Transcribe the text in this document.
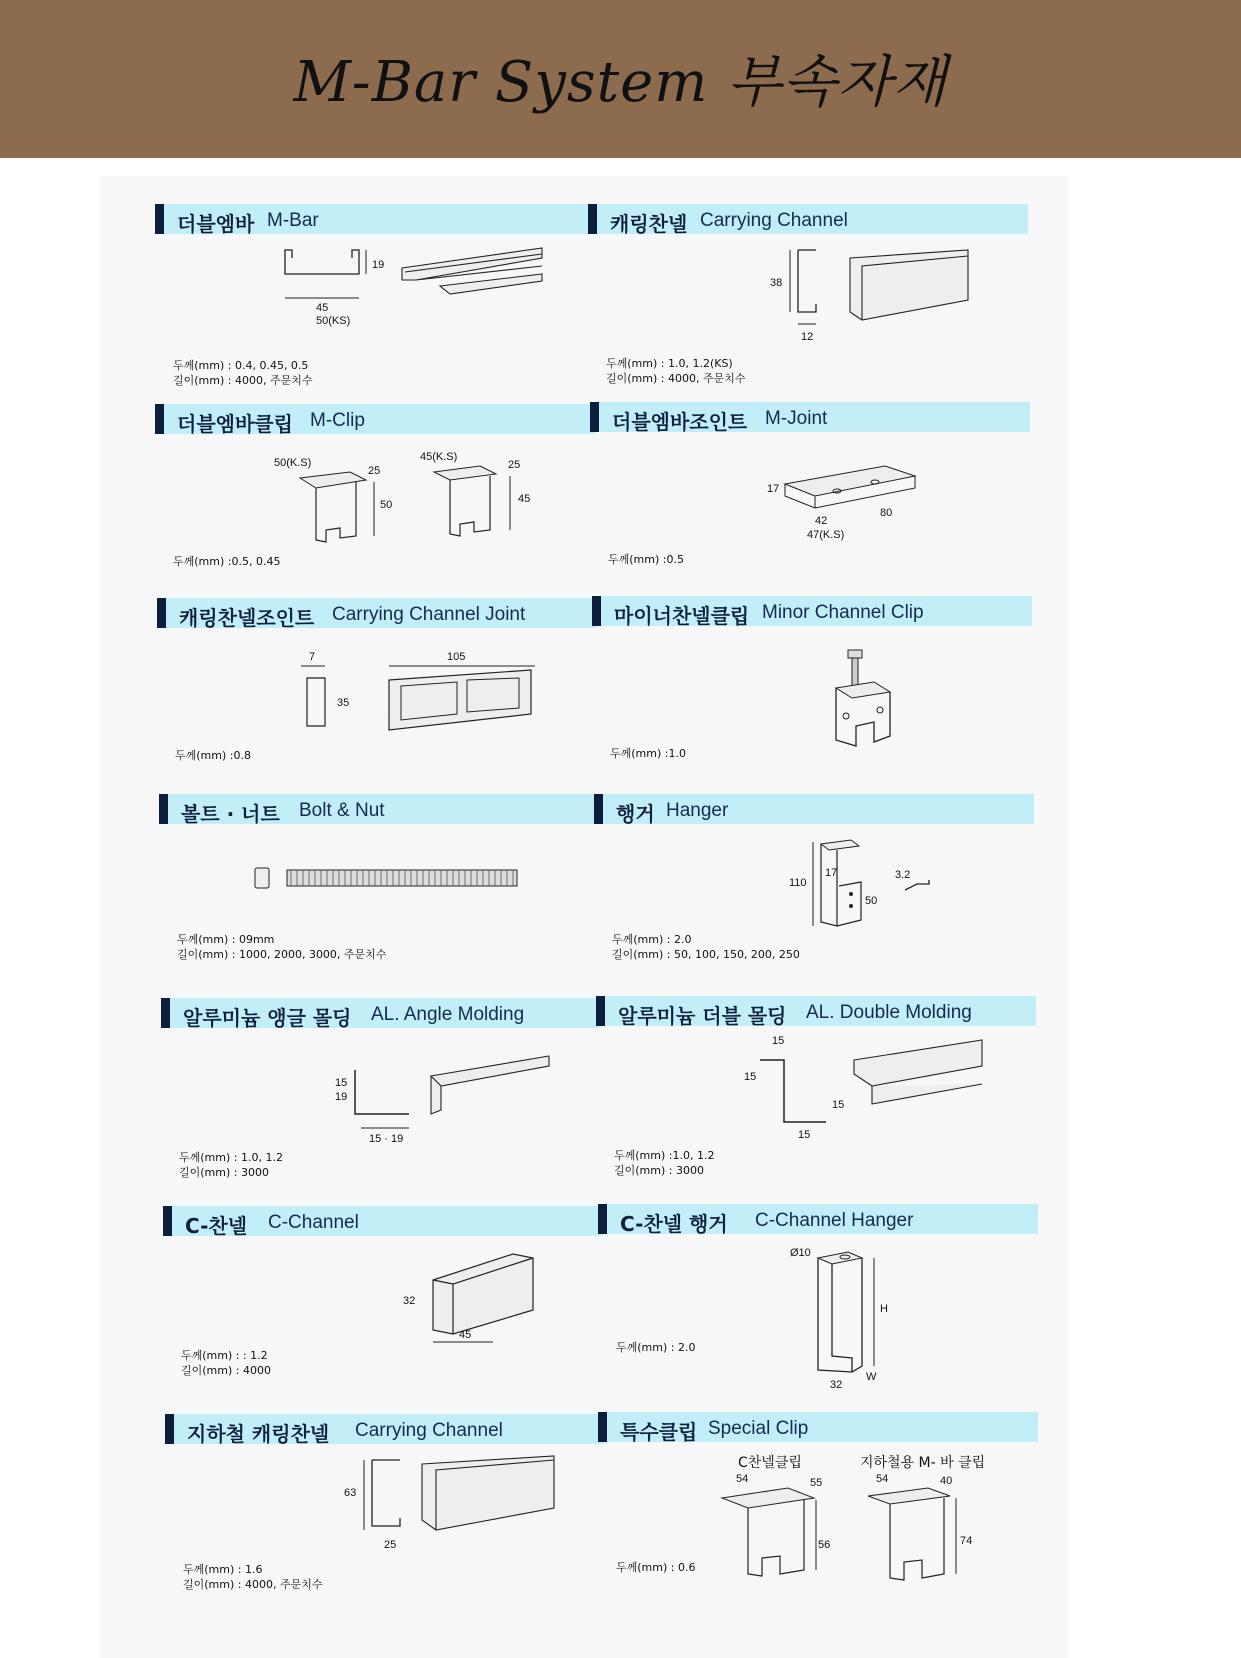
M-Bar System 부속자재
더블엠바 M-Bar
19
45
50(KS)
두께(mm) : 0.4, 0.45, 0.5
길이(mm) : 4000, 주문치수
캐링찬넬 Carrying Channel
38
12
두께(mm) : 1.0, 1.2(KS)
길이(mm) : 4000, 주문치수
더블엠바클립 M-Clip
50(K.S)
25
50
45(K.S)
25
45
두께(mm) :0.5, 0.45
더블엠바조인트 M-Joint
17
42
47(K.S)
80
두께(mm) :0.5
캐링찬넬조인트 Carrying Channel Joint
7
35
105
두께(mm) :0.8
마이너찬넬클립 Minor Channel Clip
두께(mm) :1.0
볼트 · 너트 Bolt & Nut
두께(mm) : 09mm
길이(mm) : 1000, 2000, 3000, 주문치수
행거 Hanger
110
17
50
3.2
두께(mm) : 2.0
길이(mm) : 50, 100, 150, 200, 250
알루미늄 앵글 몰딩 AL. Angle Molding
15
19
15 · 19
두께(mm) : 1.0, 1.2
길이(mm) : 3000
알루미늄 더블 몰딩 AL. Double Molding
15
15
15
15
두께(mm) :1.0, 1.2
길이(mm) : 3000
C-찬넬 C-Channel
32
45
두께(mm) : : 1.2
길이(mm) : 4000
C-찬넬 행거 C-Channel Hanger
Ø10
H
32
W
두께(mm) : 2.0
지하철 캐링찬넬 Carrying Channel
63
25
두께(mm) : 1.6
길이(mm) : 4000, 주문치수
특수클립 Special Clip
C찬넬클립	지하철용 M- 바 클립
54	55
56
54	40
74
두께(mm) : 0.6
